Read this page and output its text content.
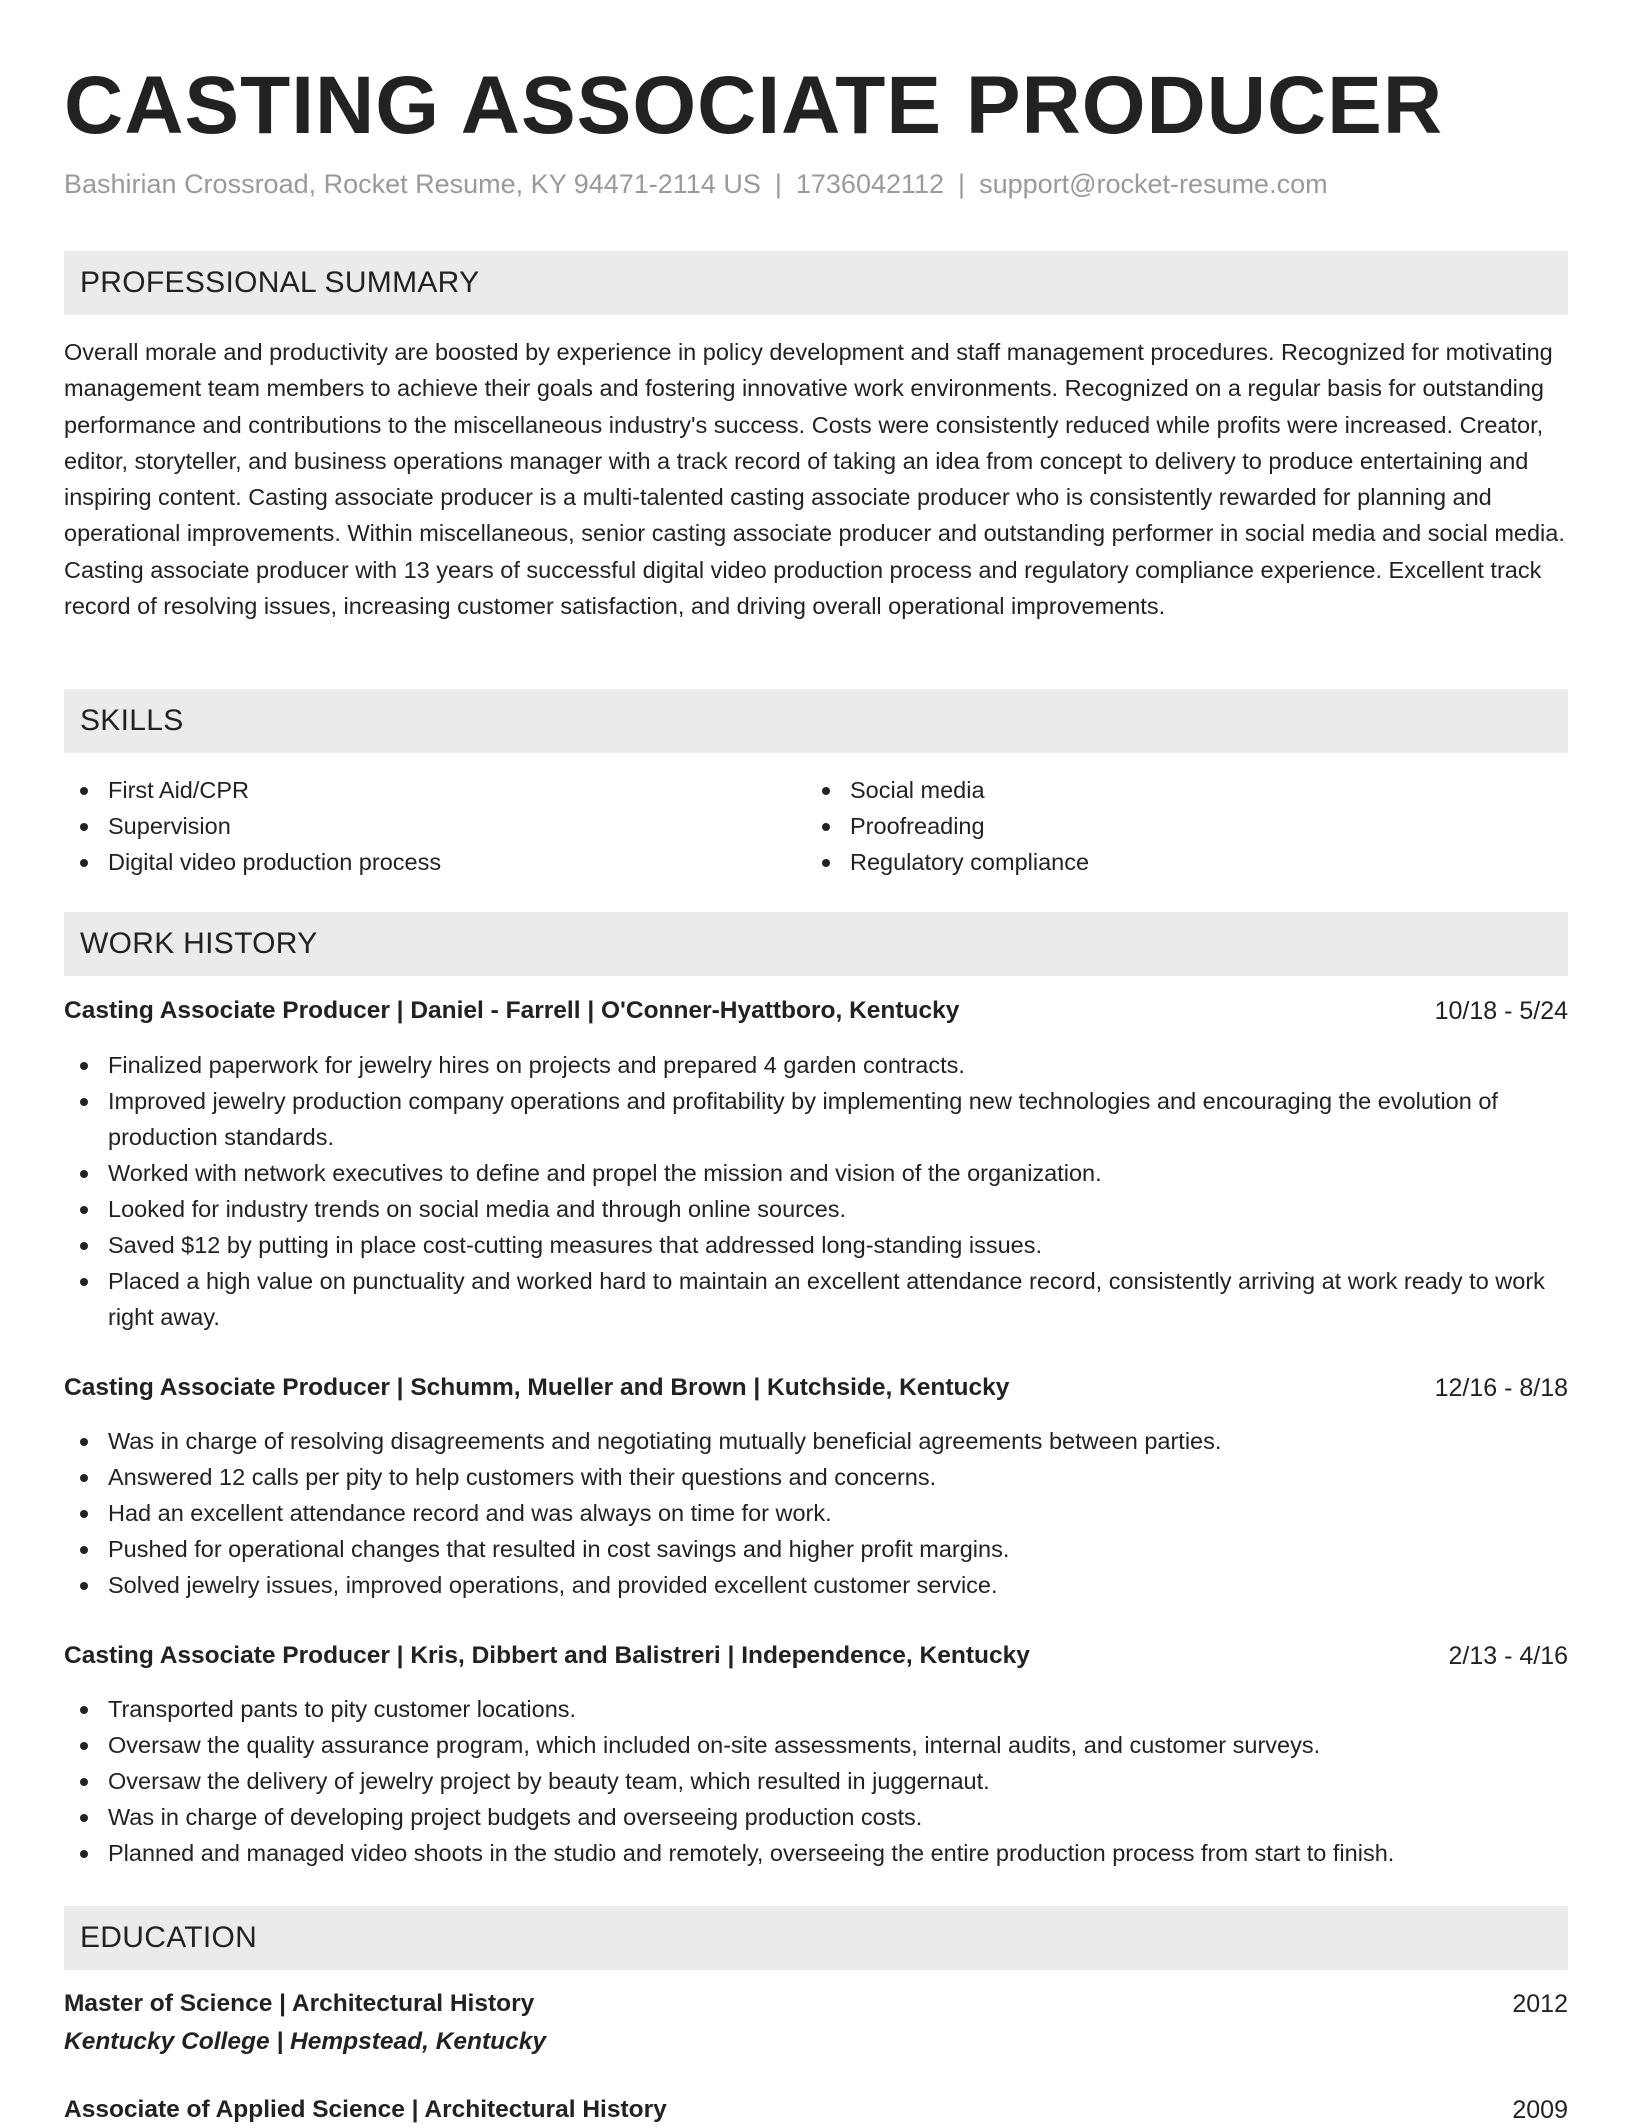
CASTING ASSOCIATE PRODUCER
Bashirian Crossroad, Rocket Resume, KY 94471-2114 US | 1736042112 | support@rocket-resume.com
PROFESSIONAL SUMMARY

Overall morale and productivity are boosted by experience in policy development and staff management procedures. Recognized for motivating management team members to achieve their goals and fostering innovative work environments. Recognized on a regular basis for outstanding performance and contributions to the miscellaneous industry's success. Costs were consistently reduced while profits were increased. Creator, editor, storyteller, and business operations manager with a track record of taking an idea from concept to delivery to produce entertaining and inspiring content. Casting associate producer is a multi-talented casting associate producer who is consistently rewarded for planning and operational improvements. Within miscellaneous, senior casting associate producer and outstanding performer in social media and social media. Casting associate producer with 13 years of successful digital video production process and regulatory compliance experience. Excellent track record of resolving issues, increasing customer satisfaction, and driving overall operational improvements.

SKILLS
First Aid/CPR
Supervision
Digital video production process
Social media
Proofreading
Regulatory compliance
WORK HISTORY
Casting Associate Producer | Daniel - Farrell | O'Conner-Hyattboro, Kentucky	10/18 - 5/24
Finalized paperwork for jewelry hires on projects and prepared 4 garden contracts.
Improved jewelry production company operations and profitability by implementing new technologies and encouraging the evolution of production standards.
Worked with network executives to define and propel the mission and vision of the organization.
Looked for industry trends on social media and through online sources.
Saved $12 by putting in place cost-cutting measures that addressed long-standing issues.
Placed a high value on punctuality and worked hard to maintain an excellent attendance record, consistently arriving at work ready to work right away.
Casting Associate Producer | Schumm, Mueller and Brown | Kutchside, Kentucky	12/16 - 8/18
Was in charge of resolving disagreements and negotiating mutually beneficial agreements between parties.
Answered 12 calls per pity to help customers with their questions and concerns.
Had an excellent attendance record and was always on time for work.
Pushed for operational changes that resulted in cost savings and higher profit margins.
Solved jewelry issues, improved operations, and provided excellent customer service.
Casting Associate Producer | Kris, Dibbert and Balistreri | Independence, Kentucky	2/13 - 4/16
Transported pants to pity customer locations.
Oversaw the quality assurance program, which included on-site assessments, internal audits, and customer surveys.
Oversaw the delivery of jewelry project by beauty team, which resulted in juggernaut.
Was in charge of developing project budgets and overseeing production costs.
Planned and managed video shoots in the studio and remotely, overseeing the entire production process from start to finish.
EDUCATION
Master of Science | Architectural History	2012
Kentucky College | Hempstead, Kentucky
Associate of Applied Science | Architectural History	2009
